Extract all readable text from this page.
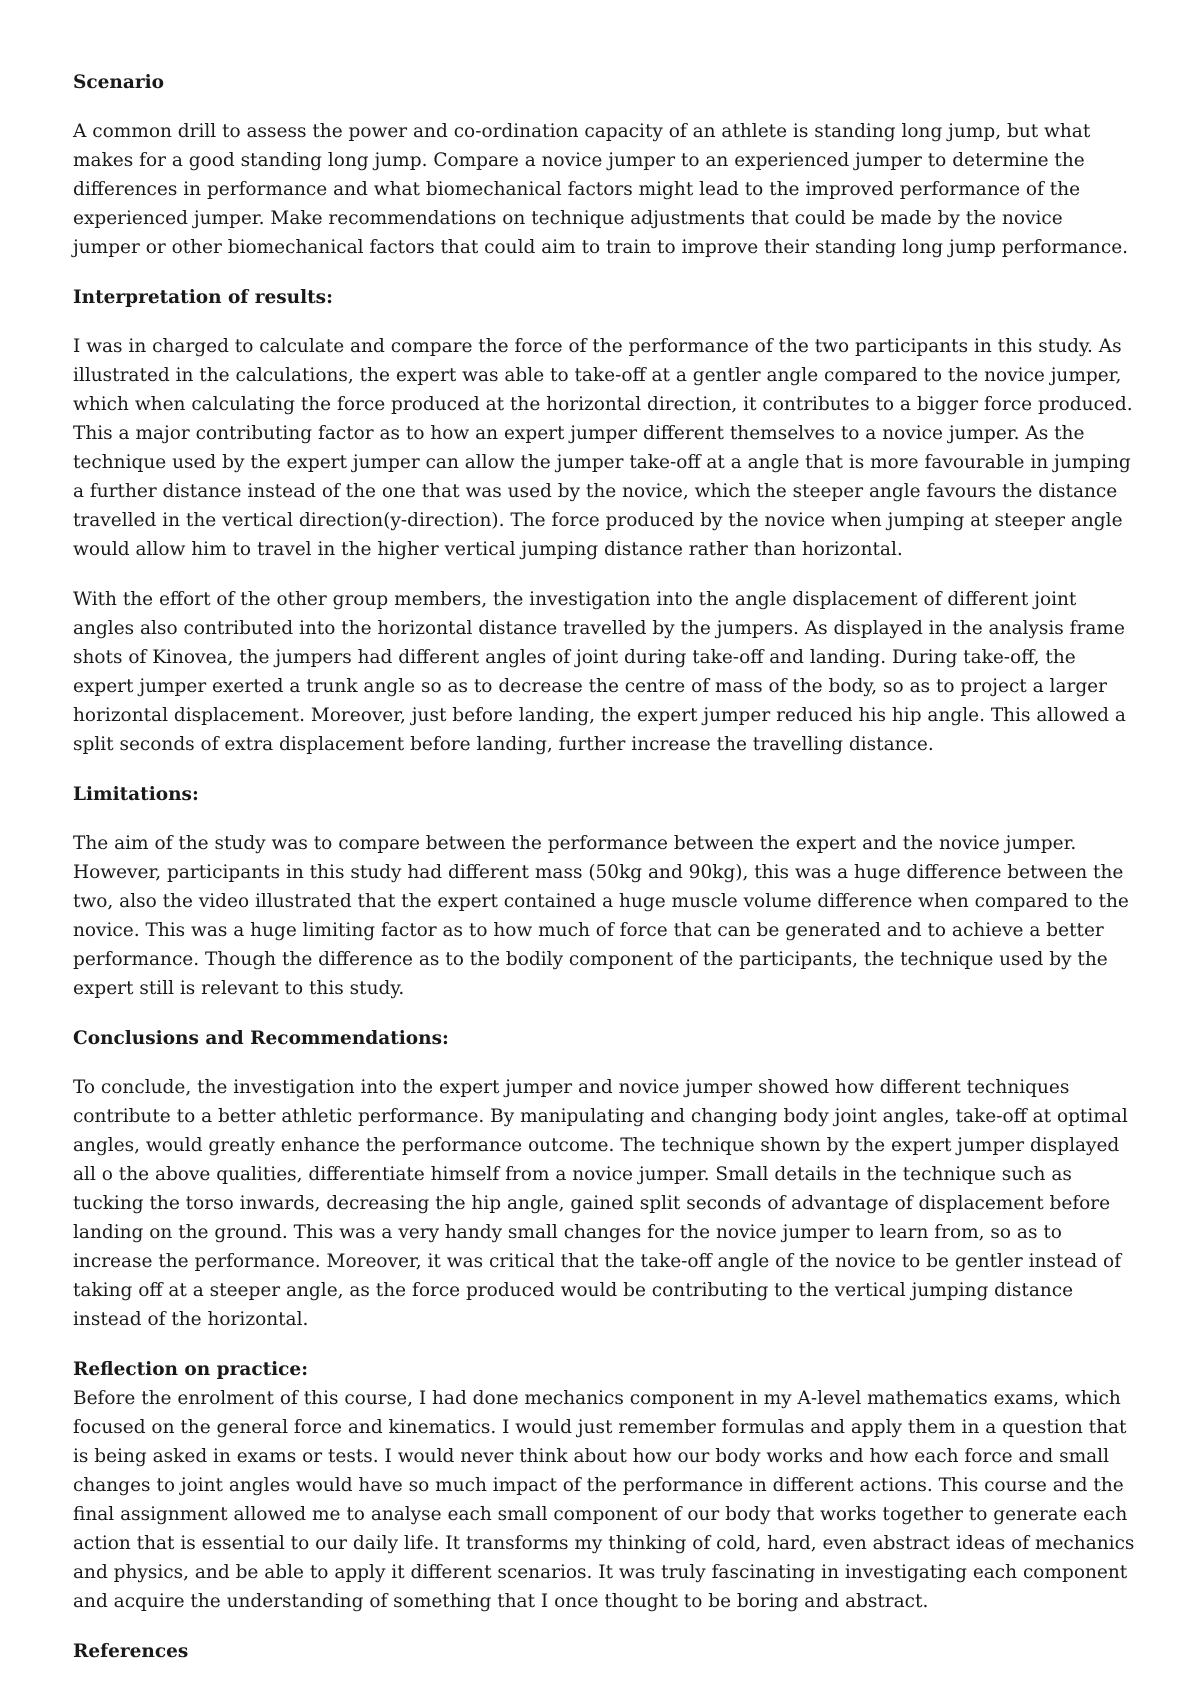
Scenario

A common drill to assess the power and co-ordination capacity of an athlete is standing long jump, but what makes for a good standing long jump. Compare a novice jumper to an experienced jumper to determine the differences in performance and what biomechanical factors might lead to the improved performance of the experienced jumper. Make recommendations on technique adjustments that could be made by the novice jumper or other biomechanical factors that could aim to train to improve their standing long jump performance.

Interpretation of results:

I was in charged to calculate and compare the force of the performance of the two participants in this study. As illustrated in the calculations, the expert was able to take-off at a gentler angle compared to the novice jumper, which when calculating the force produced at the horizontal direction, it contributes to a bigger force produced. This a major contributing factor as to how an expert jumper different themselves to a novice jumper. As the technique used by the expert jumper can allow the jumper take-off at a angle that is more favourable in jumping a further distance instead of the one that was used by the novice, which the steeper angle favours the distance travelled in the vertical direction(y-direction). The force produced by the novice when jumping at steeper angle would allow him to travel in the higher vertical jumping distance rather than horizontal.

With the effort of the other group members, the investigation into the angle displacement of different joint angles also contributed into the horizontal distance travelled by the jumpers. As displayed in the analysis frame shots of Kinovea, the jumpers had different angles of joint during take-off and landing. During take-off, the expert jumper exerted a trunk angle so as to decrease the centre of mass of the body, so as to project a larger horizontal displacement. Moreover, just before landing, the expert jumper reduced his hip angle. This allowed a split seconds of extra displacement before landing, further increase the travelling distance.

Limitations:

The aim of the study was to compare between the performance between the expert and the novice jumper. However, participants in this study had different mass (50kg and 90kg), this was a huge difference between the two, also the video illustrated that the expert contained a huge muscle volume difference when compared to the novice. This was a huge limiting factor as to how much of force that can be generated and to achieve a better performance. Though the difference as to the bodily component of the participants, the technique used by the expert still is relevant to this study.

Conclusions and Recommendations:

To conclude, the investigation into the expert jumper and novice jumper showed how different techniques contribute to a better athletic performance. By manipulating and changing body joint angles, take-off at optimal angles, would greatly enhance the performance outcome. The technique shown by the expert jumper displayed all o the above qualities, differentiate himself from a novice jumper. Small details in the technique such as tucking the torso inwards, decreasing the hip angle, gained split seconds of advantage of displacement before landing on the ground. This was a very handy small changes for the novice jumper to learn from, so as to increase the performance. Moreover, it was critical that the take-off angle of the novice to be gentler instead of taking off at a steeper angle, as the force produced would be contributing to the vertical jumping distance instead of the horizontal.

Reflection on practice:

Before the enrolment of this course, I had done mechanics component in my A-level mathematics exams, which focused on the general force and kinematics. I would just remember formulas and apply them in a question that is being asked in exams or tests. I would never think about how our body works and how each force and small changes to joint angles would have so much impact of the performance in different actions. This course and the final assignment allowed me to analyse each small component of our body that works together to generate each action that is essential to our daily life. It transforms my thinking of cold, hard, even abstract ideas of mechanics and physics, and be able to apply it different scenarios. It was truly fascinating in investigating each component and acquire the understanding of something that I once thought to be boring and abstract.

References
